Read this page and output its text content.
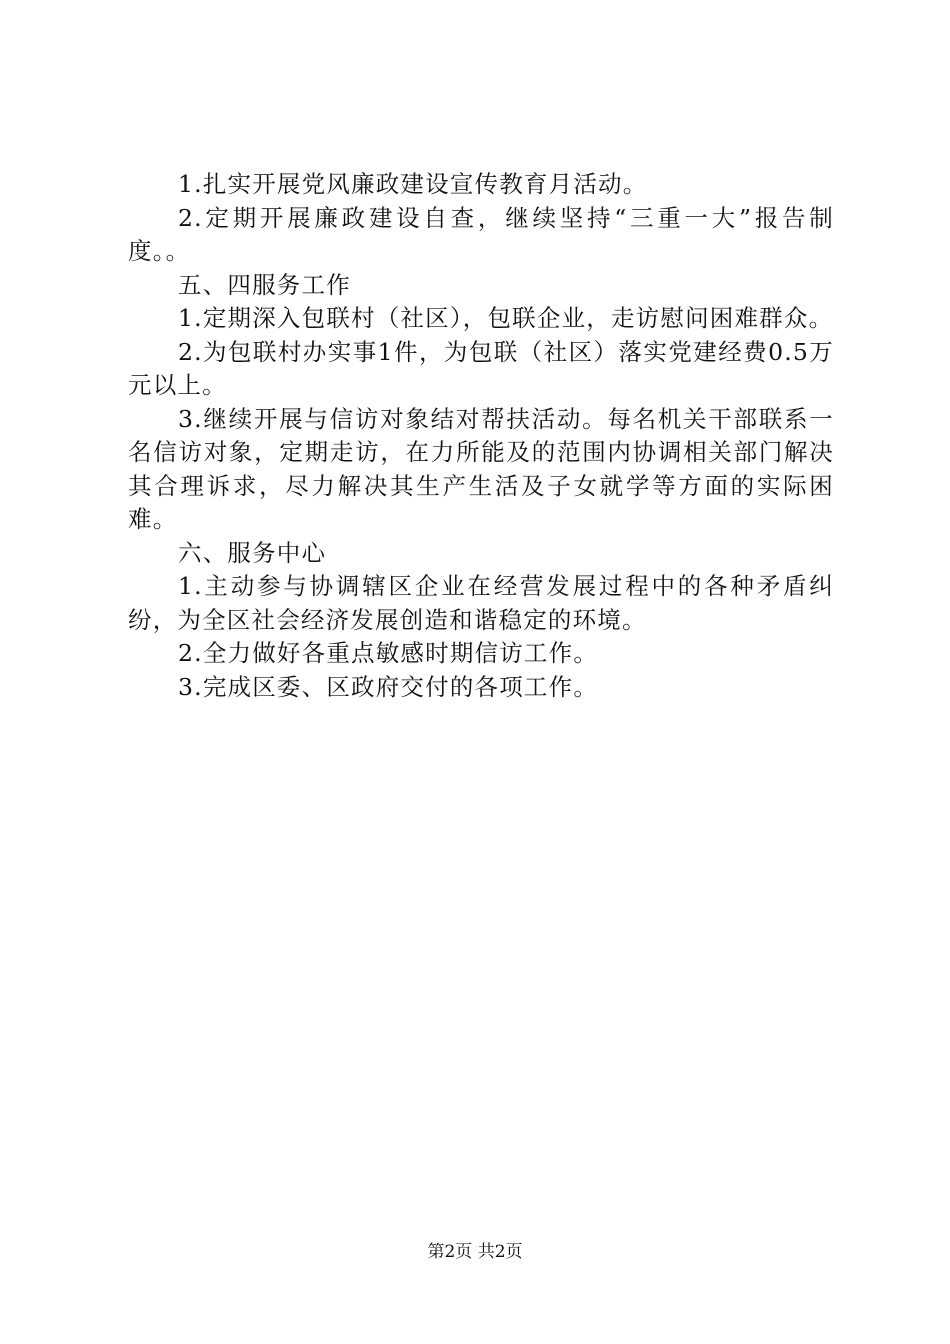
1.扎实开展党风廉政建设宣传教育月活动。

2.定期开展廉政建设自查，继续坚持“三重一大”报告制度。。

五、四服务工作

1.定期深入包联村（社区），包联企业，走访慰问困难群众。

2.为包联村办实事1件，为包联（社区）落实党建经费0.5万元以上。

3.继续开展与信访对象结对帮扶活动。每名机关干部联系一名信访对象，定期走访，在力所能及的范围内协调相关部门解决其合理诉求，尽力解决其生产生活及子女就学等方面的实际困难。

六、服务中心

1.主动参与协调辖区企业在经营发展过程中的各种矛盾纠纷，为全区社会经济发展创造和谐稳定的环境。

2.全力做好各重点敏感时期信访工作。

3.完成区委、区政府交付的各项工作。

第2页 共2页
